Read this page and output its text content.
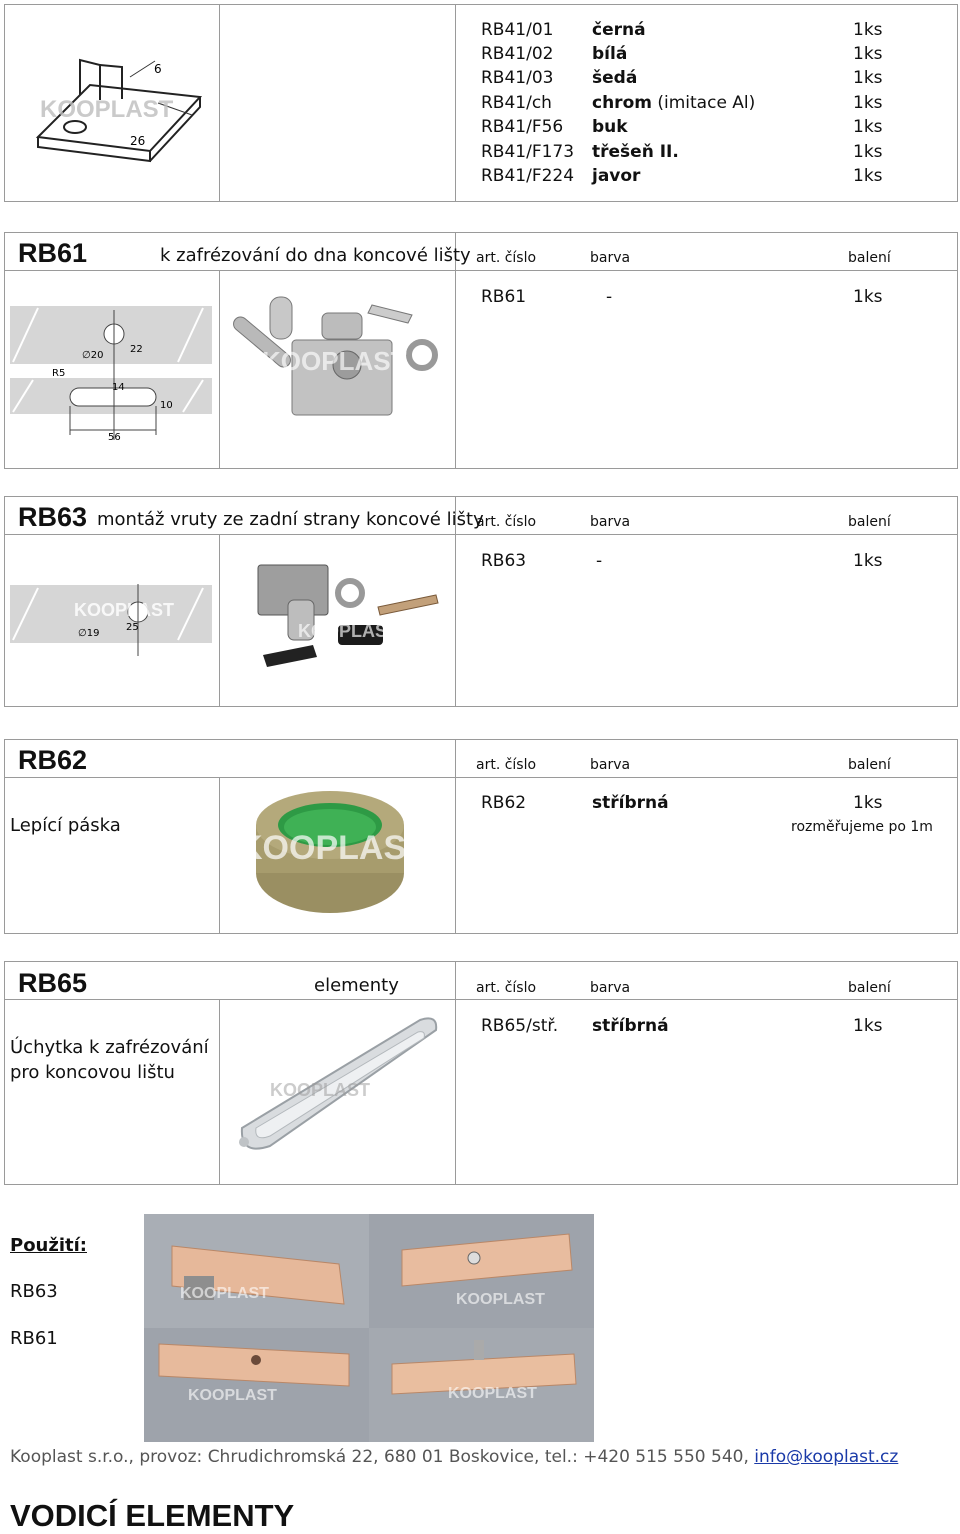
6
26
KOOPLAST
RB41/01 černá	1ks
RB41/02 bílá	1ks
RB41/03 šedá	1ks
RB41/ch chrom (imitace Al)	1ks
RB41/F56 buk	1ks
RB41/F173 třešeň II.	1ks
RB41/F224 javor	1ks
RB61	k zafrézování do dna koncové lišty art. číslo	barva	balení
RB61	-	1ks
∅20
22
14
10
56
R5	KOOPLAST
RB63 montáž vruty ze zadní strany koncové lišty
art. číslo	barva	balení
RB63	-	1ks
∅19
25
KOOPLAST
KOOPLAST
RB62	art. číslo	barva	balení
Lepící páska
RB62	stříbrná	1ks
rozměřujeme po 1m
KOOPLAST
RB65	elementy	art. číslo	barva	balení
Úchytka k zafrézování
pro koncovou lištu
RB65/stř. stříbrná	1ks
KOOPLAST
Použití:
RB63
RB61
KOOPLAST	KOOPLAST
KOOPLAST	KOOPLAST
Kooplast s.r.o., provoz: Chrudichromská 22, 680 01 Boskovice, tel.: +420 515 550 540, info@kooplast.cz
VODICÍ ELEMENTY
